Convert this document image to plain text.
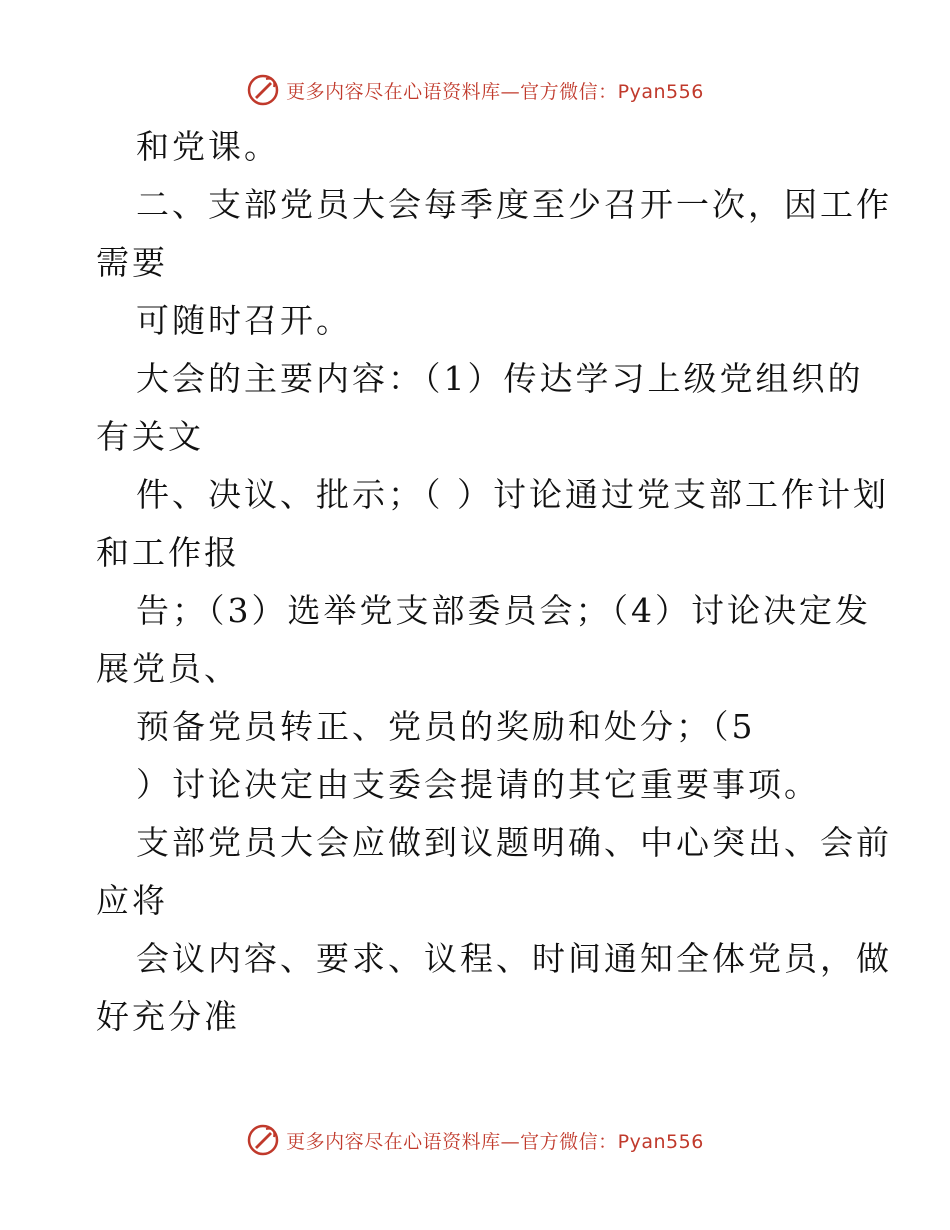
更多内容尽在心语资料库—官方微信：Pyan556
和党课。
二、支部党员大会每季度至少召开一次，因工作
需要
可随时召开。
大会的主要内容：（1）传达学习上级党组织的
有关文
件、决议、批示；（ ）讨论通过党支部工作计划
和工作报
告；（3）选举党支部委员会；（4）讨论决定发
展党员、
预备党员转正、党员的奖励和处分；（5
）讨论决定由支委会提请的其它重要事项。
支部党员大会应做到议题明确、中心突出、会前
应将
会议内容、要求、议程、时间通知全体党员，做
好充分准
更多内容尽在心语资料库—官方微信：Pyan556
